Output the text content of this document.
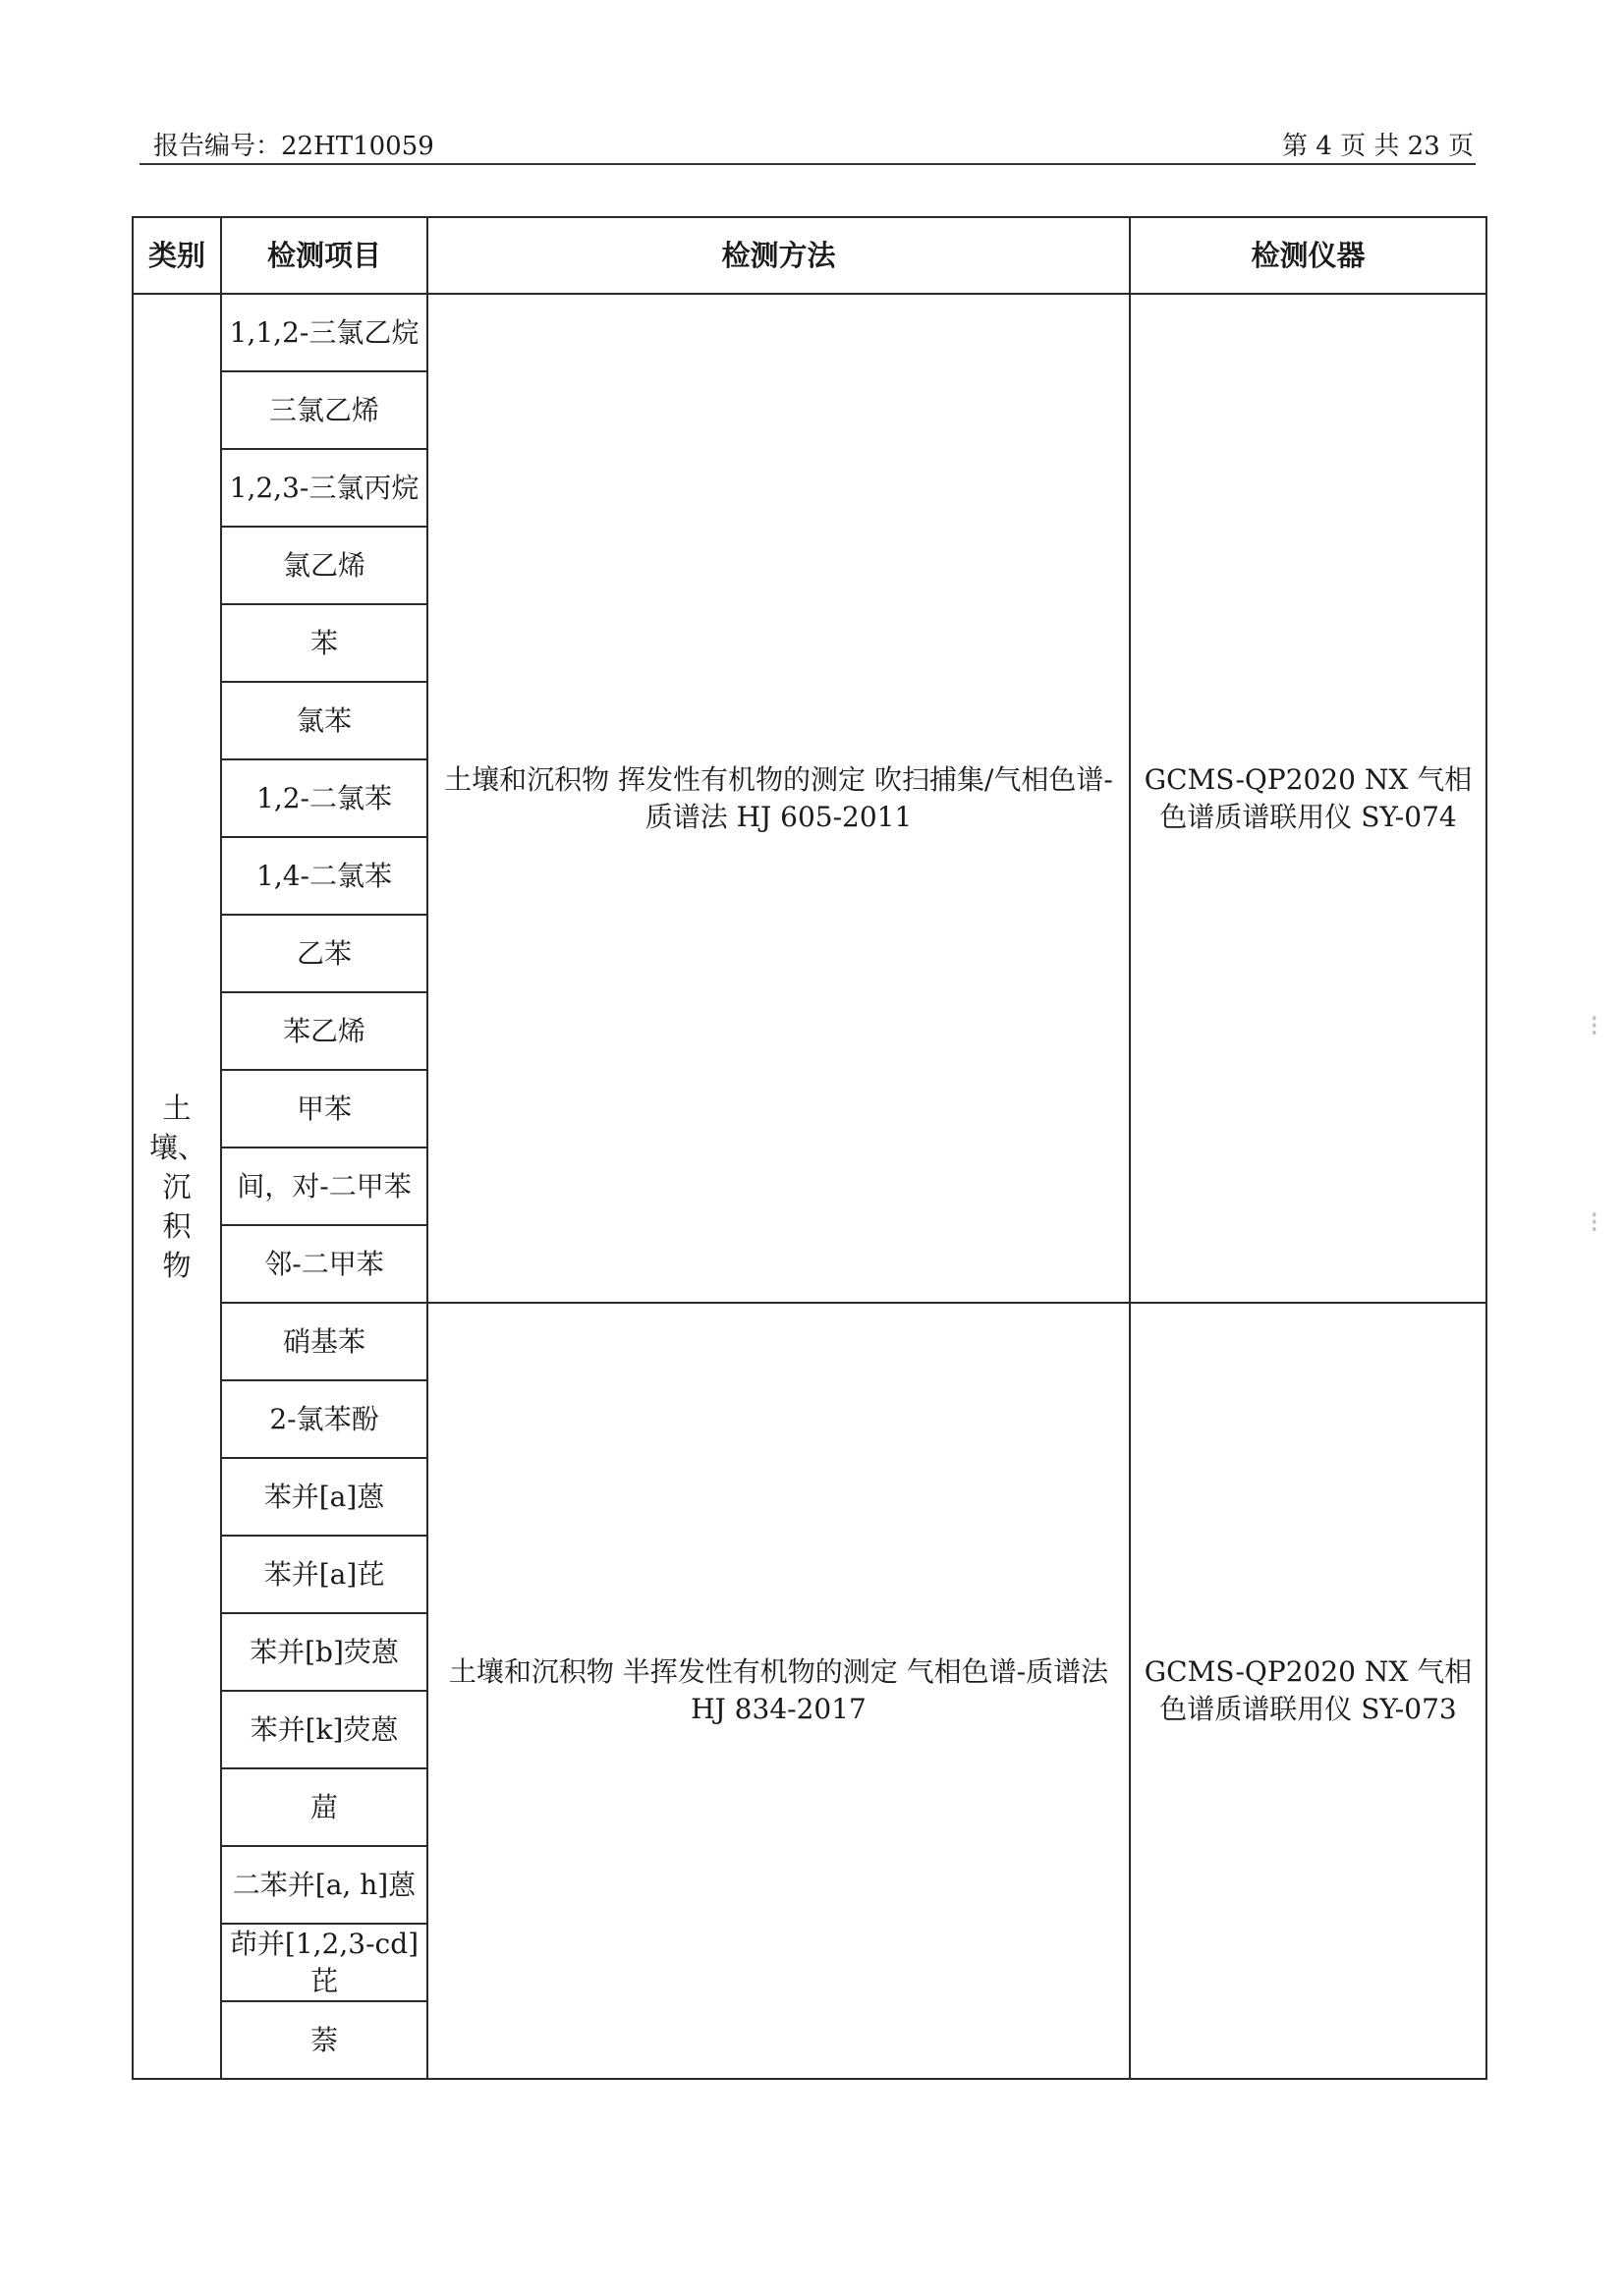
报告编号：22HT10059	第 4 页 共 23 页
类别	检测项目	检测方法	检测仪器
土壤、沉积物	1,1,2-三氯乙烷	土壤和沉积物 挥发性有机物的测定 吹扫捕集/气相色谱-质谱法 HJ 605-2011	GCMS-QP2020 NX 气相色谱质谱联用仪 SY-074
	三氯乙烯		
	1,2,3-三氯丙烷		
	氯乙烯		
	苯		
	氯苯		
	1,2-二氯苯		
	1,4-二氯苯		
	乙苯		
	苯乙烯		
	甲苯		
	间，对-二甲苯		
	邻-二甲苯		
	硝基苯	土壤和沉积物 半挥发性有机物的测定 气相色谱-质谱法 HJ 834-2017	GCMS-QP2020 NX 气相色谱质谱联用仪 SY-073
	2-氯苯酚		
	苯并[a]蒽		
	苯并[a]芘		
	苯并[b]荧蒽		
	苯并[k]荧蒽		
	䓛		
	二苯并[a, h]蒽		
	茚并[1,2,3-cd]芘		
	萘		
⁝
⁝
